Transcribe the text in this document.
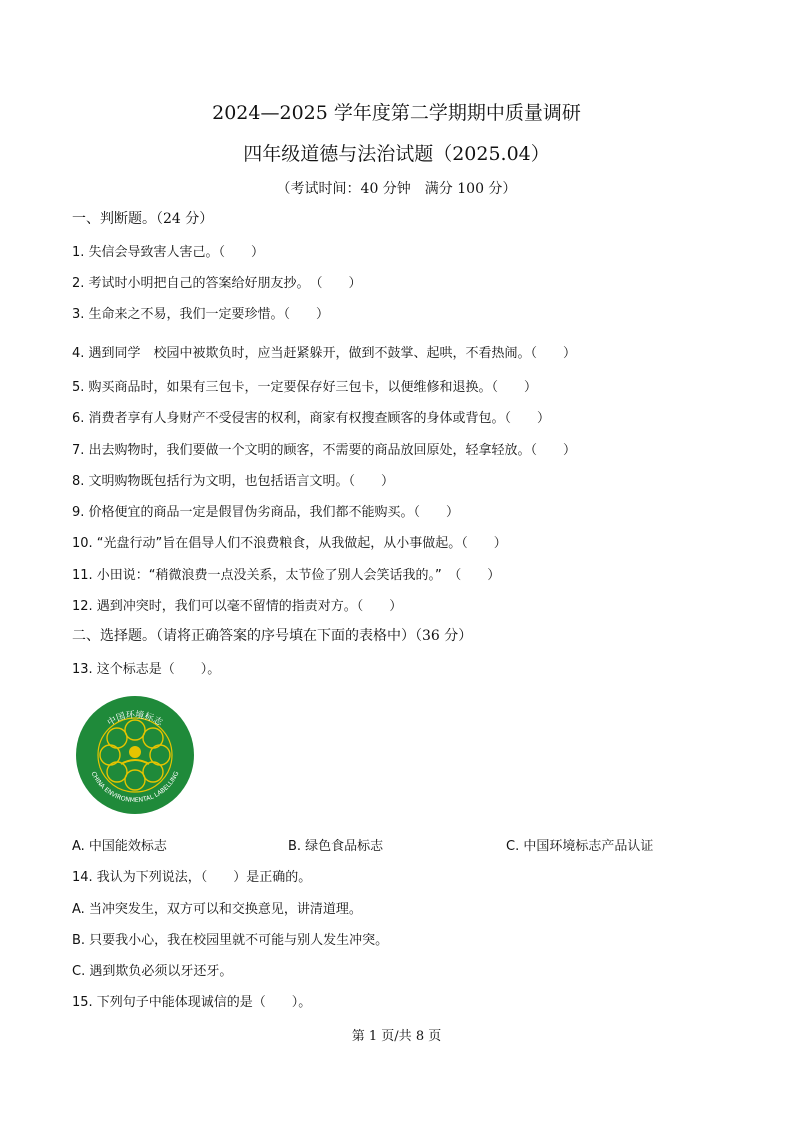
2024—2025 学年度第二学期期中质量调研
四年级道德与法治试题（2025.04）
（考试时间：40 分钟　满分 100 分）
一、判断题。（24 分）
1. 失信会导致害人害己。（　　）
2. 考试时小明把自己的答案给好朋友抄。　（　　）
3. 生命来之不易，我们一定要珍惜。（　　）
4. 遇到同学　校园中被欺负时，应当赶紧躲开，做到不鼓掌、起哄，不看热闹。（　　）
5. 购买商品时，如果有三包卡，一定要保存好三包卡，以便维修和退换。（　　）
6. 消费者享有人身财产不受侵害的权利，商家有权搜查顾客的身体或背包。（　　）
7. 出去购物时，我们要做一个文明的顾客，不需要的商品放回原处，轻拿轻放。（　　）
8. 文明购物既包括行为文明，也包括语言文明。（　　）
9. 价格便宜的商品一定是假冒伪劣商品，我们都不能购买。（　　）
10. “光盘行动”旨在倡导人们不浪费粮食，从我做起，从小事做起。（　　）
11. 小田说：“稍微浪费一点没关系，太节俭了别人会笑话我的。”　（　　）
12. 遇到冲突时，我们可以毫不留情的指责对方。（　　）
二、选择题。（请将正确答案的序号填在下面的表格中）（36 分）
13. 这个标志是（　　）。
中国环境标志
CHINA ENVIRONMENTAL LABELLING
A. 中国能效标志	B. 绿色食品标志	C. 中国环境标志产品认证
14. 我认为下列说法，（　　）是正确的。
A. 当冲突发生，双方可以和交换意见，讲清道理。
B. 只要我小心，我在校园里就不可能与别人发生冲突。
C. 遇到欺负必须以牙还牙。
15. 下列句子中能体现诚信的是（　　）。
第 1 页/共 8 页
